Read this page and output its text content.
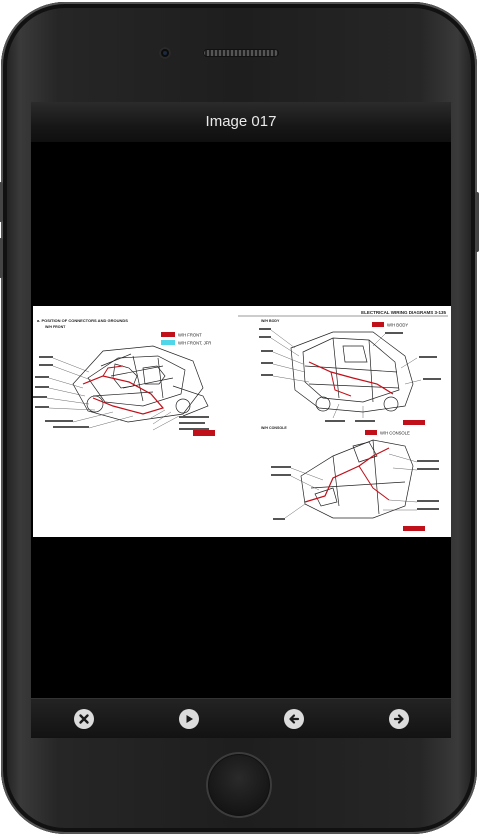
Image 017
ELECTRICAL WIRING DIAGRAMS 3-135
a. POSITION OF CONNECTORS AND GROUNDS
W/H FRONT
W/H FRONT
W/H FRONT, JFR
W/H BODY
W/H BODY
W/H CONSOLE
W/H CONSOLE
